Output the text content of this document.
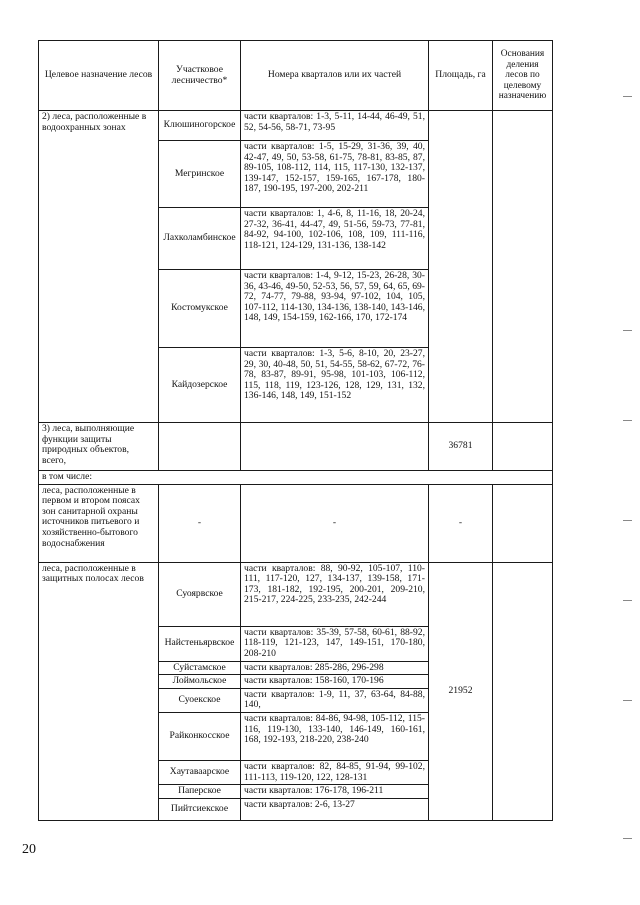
Целевое назначение лесов	Участковое лесничество*	Номера кварталов или их частей	Площадь, га	Основания деления лесов по целевому назначению
2) леса, расположенные в водоохранных зонах	Клюшиногорское	части кварталов: 1-3, 5-11, 14-44, 46-49, 51, 52, 54-56, 58-71, 73-95		
	Мегринское	части кварталов: 1-5, 15-29, 31-36, 39, 40, 42-47, 49, 50, 53-58, 61-75, 78-81, 83-85, 87, 89-105, 108-112, 114, 115, 117-130, 132-137, 139-147, 152-157, 159-165, 167-178, 180-187, 190-195, 197-200, 202-211		
	Лахколамбинское	части кварталов: 1, 4-6, 8, 11-16, 18, 20-24, 27-32, 36-41, 44-47, 49, 51-56, 59-73, 77-81, 84-92, 94-100, 102-106, 108, 109, 111-116, 118-121, 124-129, 131-136, 138-142		
	Костомукское	части кварталов: 1-4, 9-12, 15-23, 26-28, 30-36, 43-46, 49-50, 52-53, 56, 57, 59, 64, 65, 69-72, 74-77, 79-88, 93-94, 97-102, 104, 105, 107-112, 114-130, 134-136, 138-140, 143-146, 148, 149, 154-159, 162-166, 170, 172-174		
	Кайдозерское	части кварталов: 1-3, 5-6, 8-10, 20, 23-27, 29, 30, 40-48, 50, 51, 54-55, 58-62, 67-72, 76-78, 83-87, 89-91, 95-98, 101-103, 106-112, 115, 118, 119, 123-126, 128, 129, 131, 132, 136-146, 148, 149, 151-152		
3) леса, выполняющие функции защиты природных объектов, всего,			36781	
в том числе:				
леса, расположенные в первом и втором поясах зон санитарной охраны источников питьевого и хозяйственно-бытового водоснабжения	-	-	-	
леса, расположенные в защитных полосах лесов	Суоярвское	части кварталов: 88, 90-92, 105-107, 110-111, 117-120, 127, 134-137, 139-158, 171-173, 181-182, 192-195, 200-201, 209-210, 215-217, 224-225, 233-235, 242-244	21952	
	Найстеньярвское	части кварталов: 35-39, 57-58, 60-61, 88-92, 118-119, 121-123, 147, 149-151, 170-180, 208-210		
	Суйстамское	части кварталов: 285-286, 296-298		
	Лоймольское	части кварталов: 158-160, 170-196		
	Суоекское	части кварталов: 1-9, 11, 37, 63-64, 84-88, 140,		
	Райконкосское	части кварталов: 84-86, 94-98, 105-112, 115-116, 119-130, 133-140, 146-149, 160-161, 168, 192-193, 218-220, 238-240		
	Хаутаваарское	части кварталов: 82, 84-85, 91-94, 99-102, 111-113, 119-120, 122, 128-131		
	Паперское	части кварталов: 176-178, 196-211		
	Пийтсиекское	части кварталов: 2-6, 13-27		
20
